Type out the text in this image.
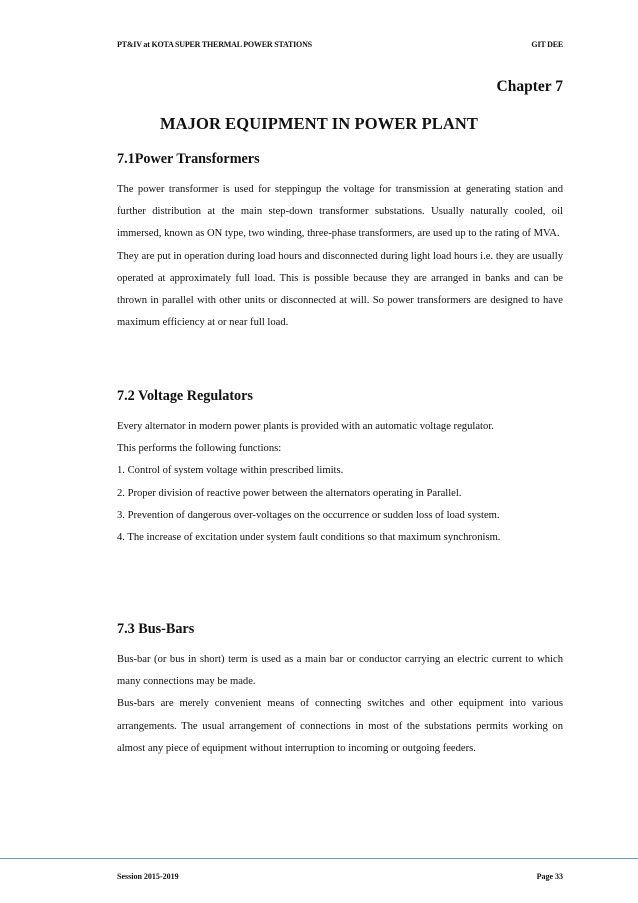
PT&IV at KOTA SUPER THERMAL POWER STATIONS	GIT DEE
Chapter 7
MAJOR EQUIPMENT IN POWER PLANT
7.1Power Transformers

The power transformer is used for steppingup the voltage for transmission at generating station and further distribution at the main step-down transformer substations. Usually naturally cooled, oil immersed, known as ON type, two winding, three-phase transformers, are used up to the rating of MVA.

They are put in operation during load hours and disconnected during light load hours i.e. they are usually operated at approximately full load. This is possible because they are arranged in banks and can be thrown in parallel with other units or disconnected at will. So power transformers are designed to have maximum efficiency at or near full load.

7.2 Voltage Regulators

Every alternator in modern power plants is provided with an automatic voltage regulator.

This performs the following functions:

1. Control of system voltage within prescribed limits.

2. Proper division of reactive power between the alternators operating in Parallel.

3. Prevention of dangerous over-voltages on the occurrence or sudden loss of load system.

4. The increase of excitation under system fault conditions so that maximum synchronism.

7.3 Bus-Bars

Bus-bar (or bus in short) term is used as a main bar or conductor carrying an electric current to which many connections may be made.

Bus-bars are merely convenient means of connecting switches and other equipment into various arrangements. The usual arrangement of connections in most of the substations permits working on almost any piece of equipment without interruption to incoming or outgoing feeders.

Session 2015-2019	Page 33
